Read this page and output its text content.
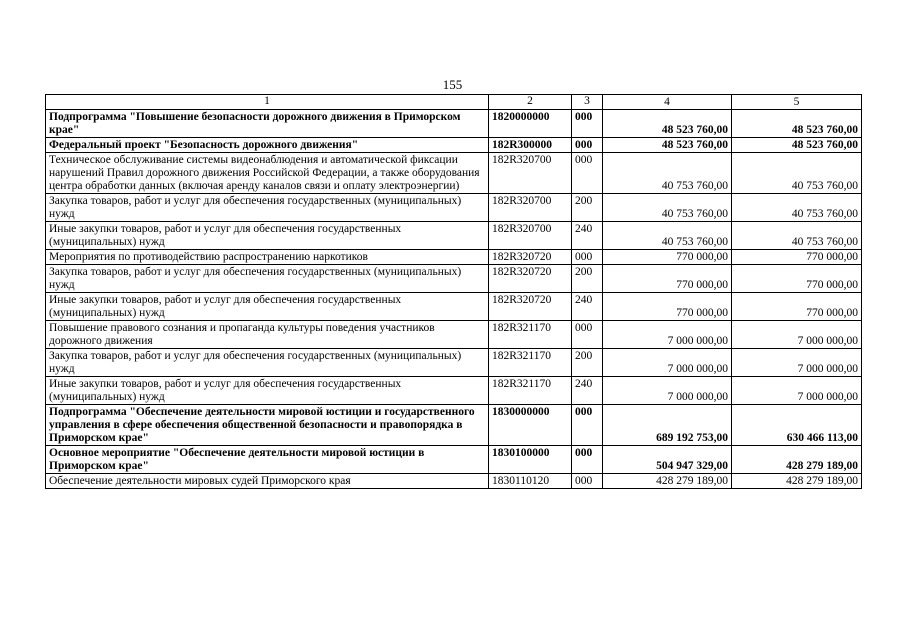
155
1	2	3	4	5
Подпрограмма "Повышение безопасности дорожного движения в Приморском крае"	1820000000	000	48 523 760,00	48 523 760,00
Федеральный проект "Безопасность дорожного движения"	182R300000	000	48 523 760,00	48 523 760,00
Техническое обслуживание системы видеонаблюдения и автоматической фиксации нарушений Правил дорожного движения Российской Федерации, а также оборудования центра обработки данных (включая аренду каналов связи и оплату электроэнергии)	182R320700	000	40 753 760,00	40 753 760,00
Закупка товаров, работ и услуг для обеспечения государственных (муниципальных) нужд	182R320700	200	40 753 760,00	40 753 760,00
Иные закупки товаров, работ и услуг для обеспечения государственных (муниципальных) нужд	182R320700	240	40 753 760,00	40 753 760,00
Мероприятия по противодействию распространению наркотиков	182R320720	000	770 000,00	770 000,00
Закупка товаров, работ и услуг для обеспечения государственных (муниципальных) нужд	182R320720	200	770 000,00	770 000,00
Иные закупки товаров, работ и услуг для обеспечения государственных (муниципальных) нужд	182R320720	240	770 000,00	770 000,00
Повышение правового сознания и пропаганда культуры поведения участников дорожного движения	182R321170	000	7 000 000,00	7 000 000,00
Закупка товаров, работ и услуг для обеспечения государственных (муниципальных) нужд	182R321170	200	7 000 000,00	7 000 000,00
Иные закупки товаров, работ и услуг для обеспечения государственных (муниципальных) нужд	182R321170	240	7 000 000,00	7 000 000,00
Подпрограмма "Обеспечение деятельности мировой юстиции и государственного управления в сфере обеспечения общественной безопасности и правопорядка в Приморском крае"	1830000000	000	689 192 753,00	630 466 113,00
Основное мероприятие "Обеспечение деятельности мировой юстиции в Приморском крае"	1830100000	000	504 947 329,00	428 279 189,00
Обеспечение деятельности мировых судей Приморского края	1830110120	000	428 279 189,00	428 279 189,00
